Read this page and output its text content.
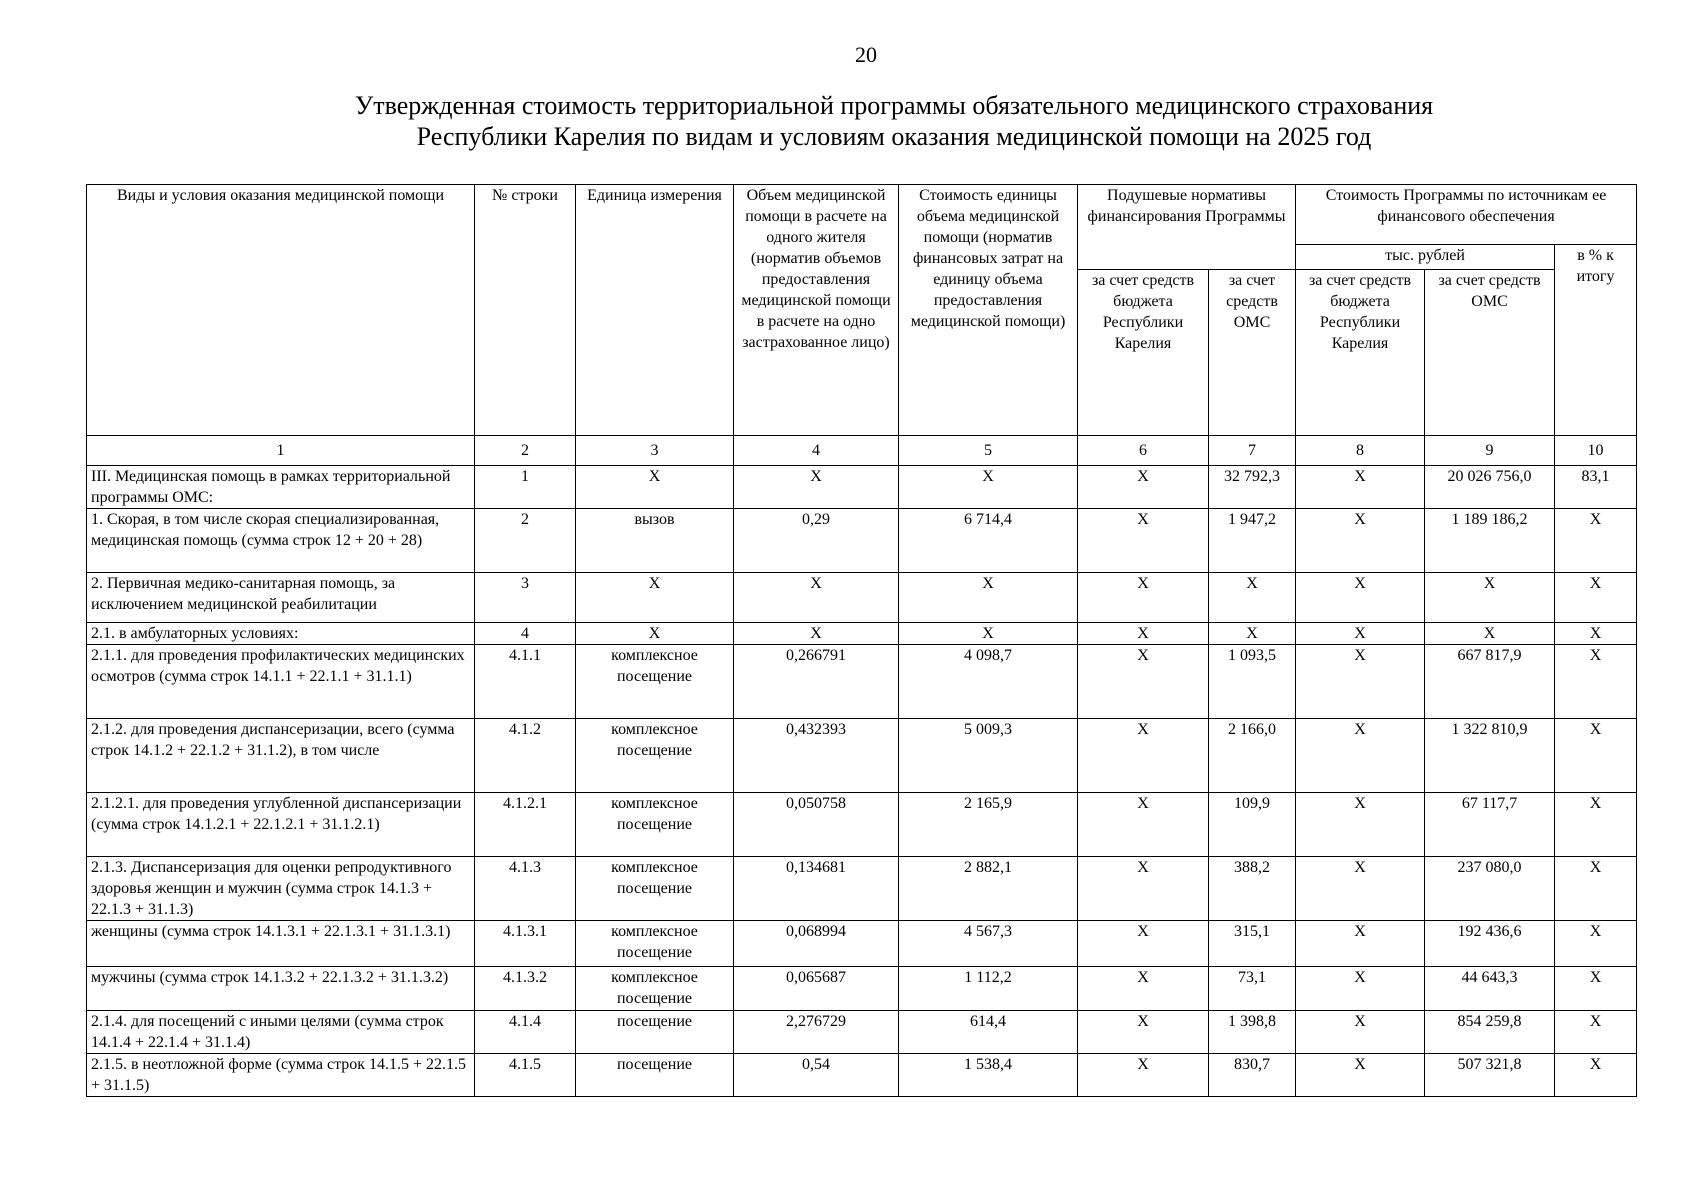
20
Утвержденная стоимость территориальной программы обязательного медицинского страхования
Республики Карелия по видам и условиям оказания медицинской помощи на 2025 год
Виды и условия оказания медицинской помощи	№ строки	Единица измерения	Объем медицинской помощи в расчете на одного жителя (норматив объемов предоставления медицинской помощи в расчете на одно застрахованное лицо)	Стоимость единицы объема медицинской помощи (норматив финансовых затрат на единицу объема предоставления медицинской помощи)	Подушевые нормативы финансирования Программы		Стоимость Программы по источникам ее финансового обеспечения		
							тыс. рублей		в % к итогу
					за счет средств бюджета Республики Карелия	за счет средств ОМС	за счет средств бюджета Республики Карелия	за счет средств ОМС	
1	2	3	4	5	6	7	8	9	10
III. Медицинская помощь в рамках территориальной программы ОМС:	1	X	X	X	X	32 792,3	X	20 026 756,0	83,1
1. Скорая, в том числе скорая специализированная, медицинская помощь (сумма строк 12 + 20 + 28)	2	вызов	0,29	6 714,4	X	1 947,2	X	1 189 186,2	X
2. Первичная медико-санитарная помощь, за исключением медицинской реабилитации	3	X	X	X	X	X	X	X	X
2.1. в амбулаторных условиях:	4	X	X	X	X	X	X	X	X
2.1.1. для проведения профилактических медицинских осмотров (сумма строк 14.1.1 + 22.1.1 + 31.1.1)	4.1.1	комплексное посещение	0,266791	4 098,7	X	1 093,5	X	667 817,9	X
2.1.2. для проведения диспансеризации, всего (сумма строк 14.1.2 + 22.1.2 + 31.1.2), в том числе	4.1.2	комплексное посещение	0,432393	5 009,3	X	2 166,0	X	1 322 810,9	X
2.1.2.1. для проведения углубленной диспансеризации (сумма строк 14.1.2.1 + 22.1.2.1 + 31.1.2.1)	4.1.2.1	комплексное посещение	0,050758	2 165,9	X	109,9	X	67 117,7	X
2.1.3. Диспансеризация для оценки репродуктивного здоровья женщин и мужчин (сумма строк 14.1.3 + 22.1.3 + 31.1.3)	4.1.3	комплексное посещение	0,134681	2 882,1	X	388,2	X	237 080,0	X
женщины (сумма строк 14.1.3.1 + 22.1.3.1 + 31.1.3.1)	4.1.3.1	комплексное посещение	0,068994	4 567,3	X	315,1	X	192 436,6	X
мужчины (сумма строк 14.1.3.2 + 22.1.3.2 + 31.1.3.2)	4.1.3.2	комплексное посещение	0,065687	1 112,2	X	73,1	X	44 643,3	X
2.1.4. для посещений с иными целями (сумма строк 14.1.4 + 22.1.4 + 31.1.4)	4.1.4	посещение	2,276729	614,4	X	1 398,8	X	854 259,8	X
2.1.5. в неотложной форме (сумма строк 14.1.5 + 22.1.5 + 31.1.5)	4.1.5	посещение	0,54	1 538,4	X	830,7	X	507 321,8	X
